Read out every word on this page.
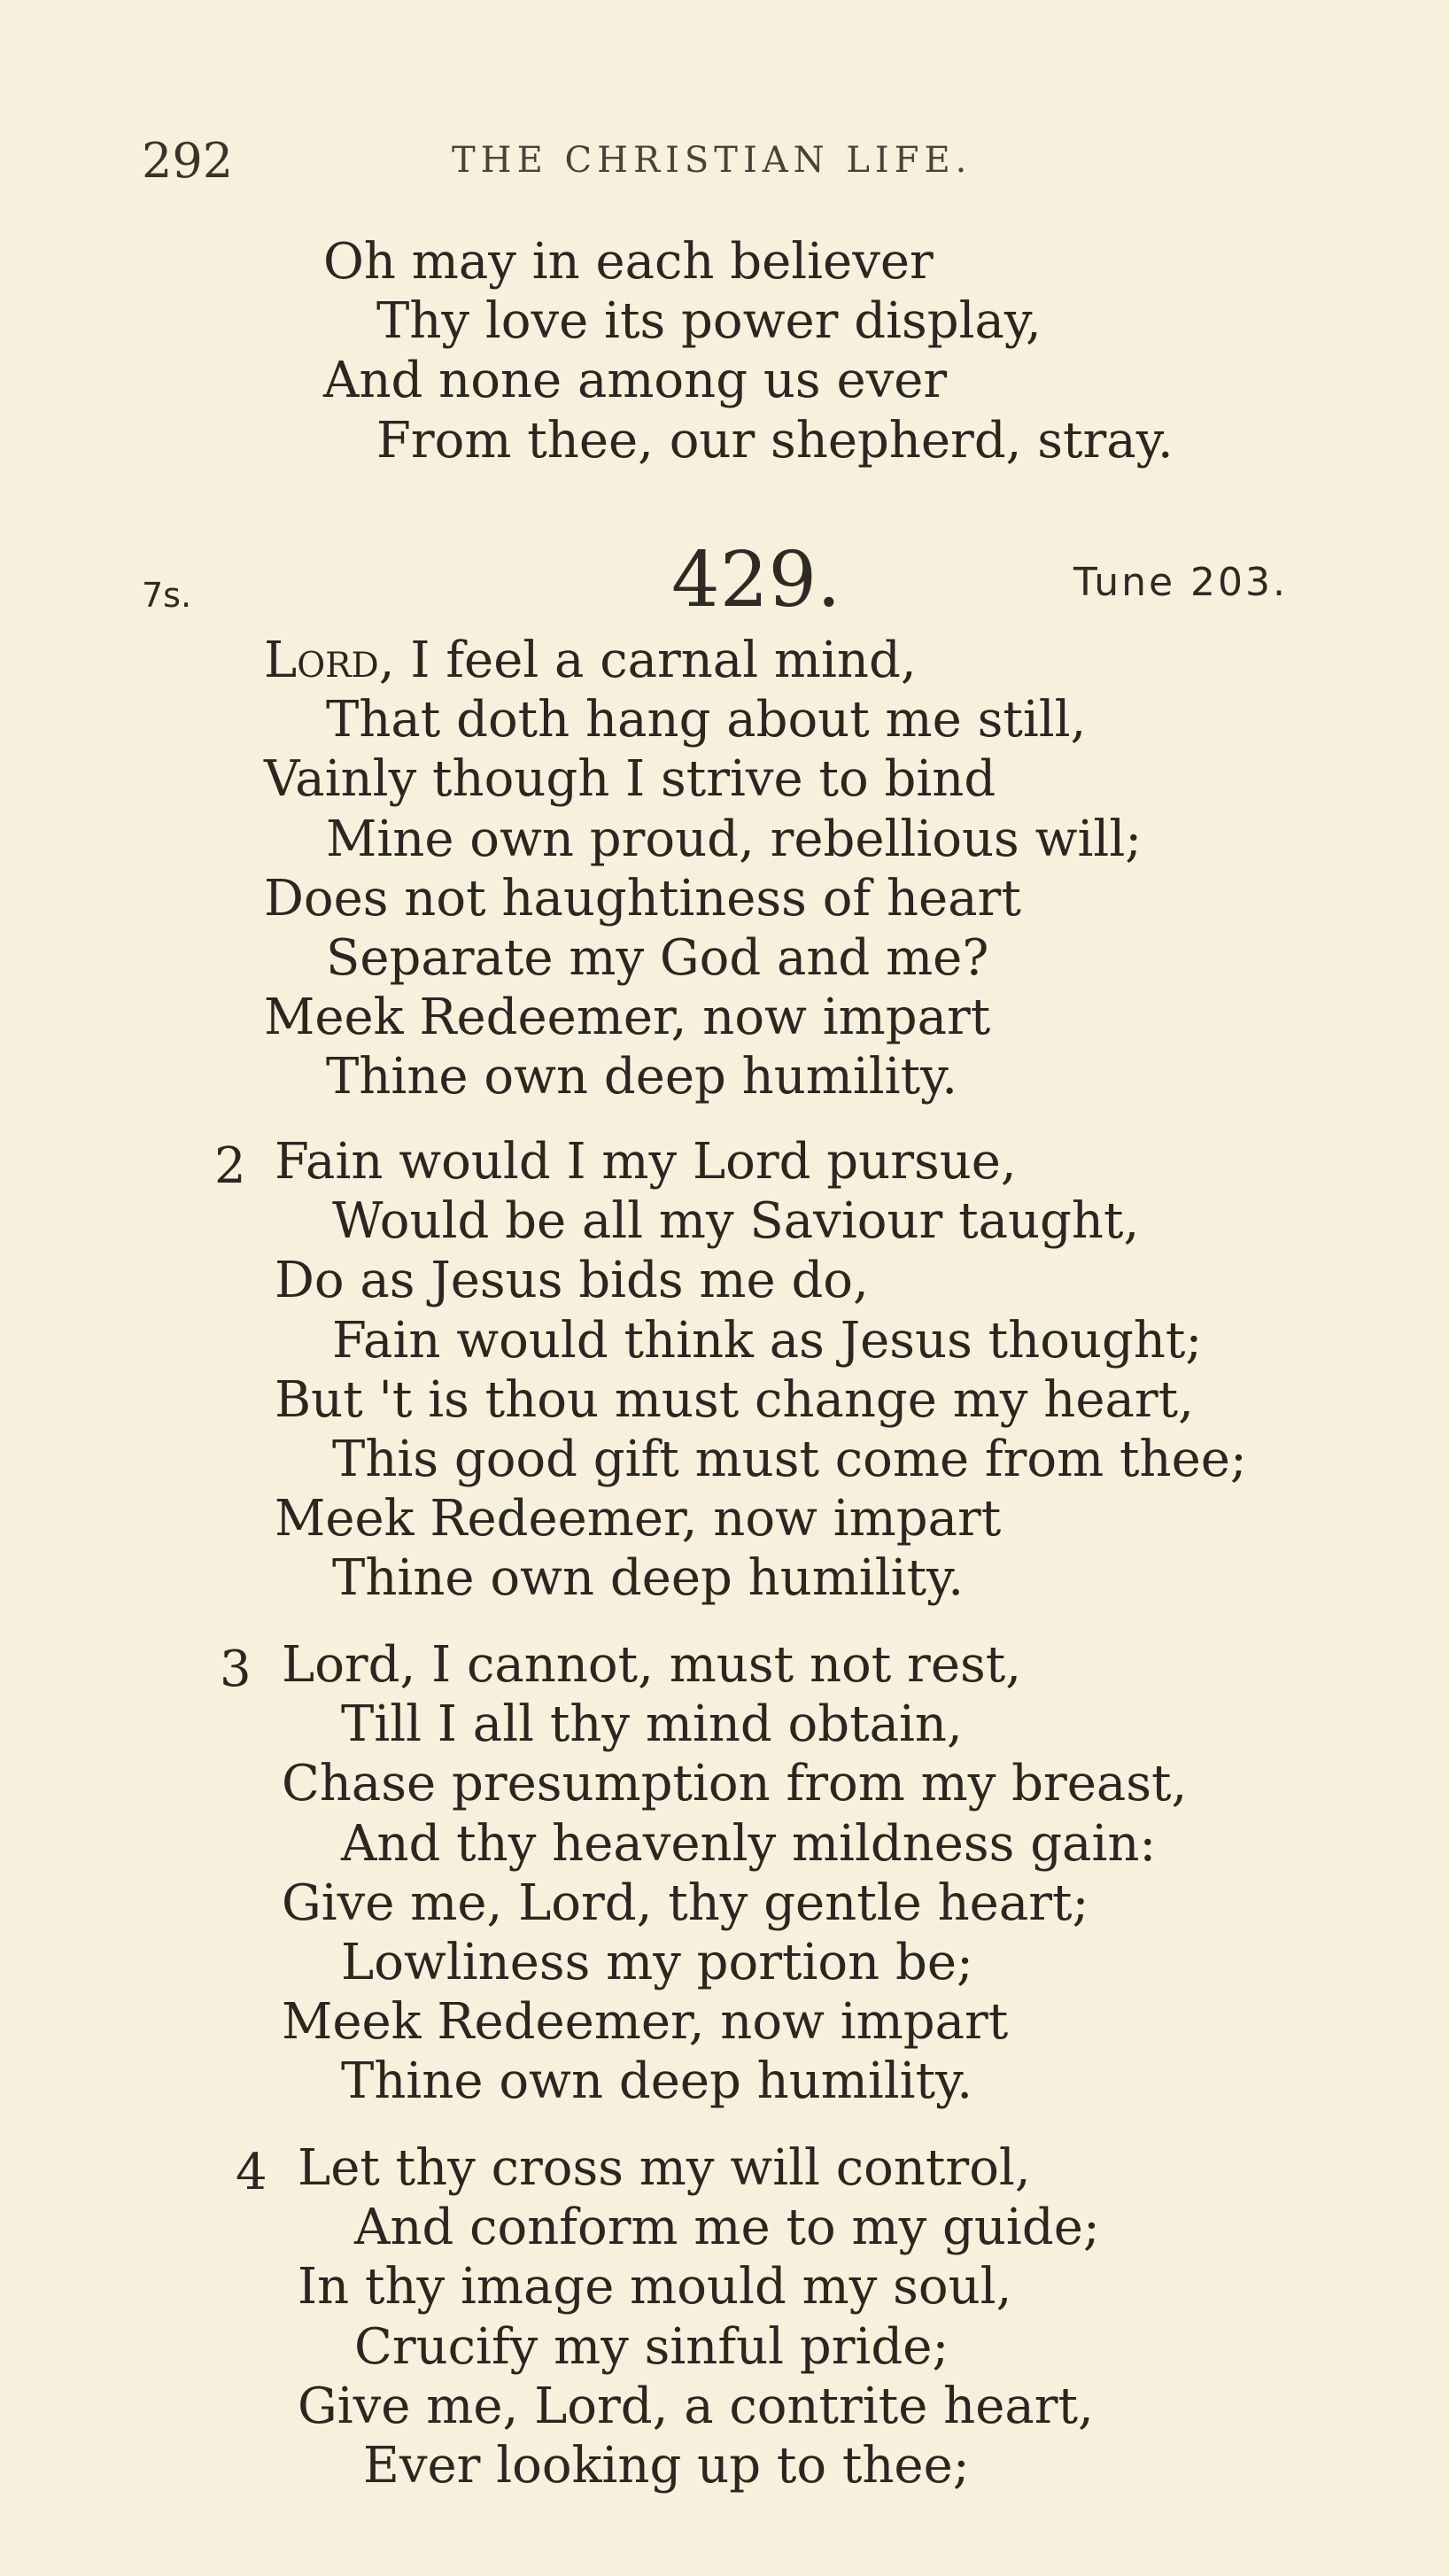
292	THE CHRISTIAN LIFE.
Oh may in each believer
Thy love its power display,
And none among us ever
From thee, our shepherd, stray.
7s.	429.	Tune 203.
Lord, I feel a carnal mind,
That doth hang about me still,
Vainly though I strive to bind
Mine own proud, rebellious will;
Does not haughtiness of heart
Separate my God and me?
Meek Redeemer, now impart
Thine own deep humility.
2 Fain would I my Lord pursue,
Would be all my Saviour taught,
Do as Jesus bids me do,
Fain would think as Jesus thought;
But 't is thou must change my heart,
This good gift must come from thee;
Meek Redeemer, now impart
Thine own deep humility.
3 Lord, I cannot, must not rest,
Till I all thy mind obtain,
Chase presumption from my breast,
And thy heavenly mildness gain:
Give me, Lord, thy gentle heart;
Lowliness my portion be;
Meek Redeemer, now impart
Thine own deep humility.
4 Let thy cross my will control,
And conform me to my guide;
In thy image mould my soul,
Crucify my sinful pride;
Give me, Lord, a contrite heart,
Ever looking up to thee;
